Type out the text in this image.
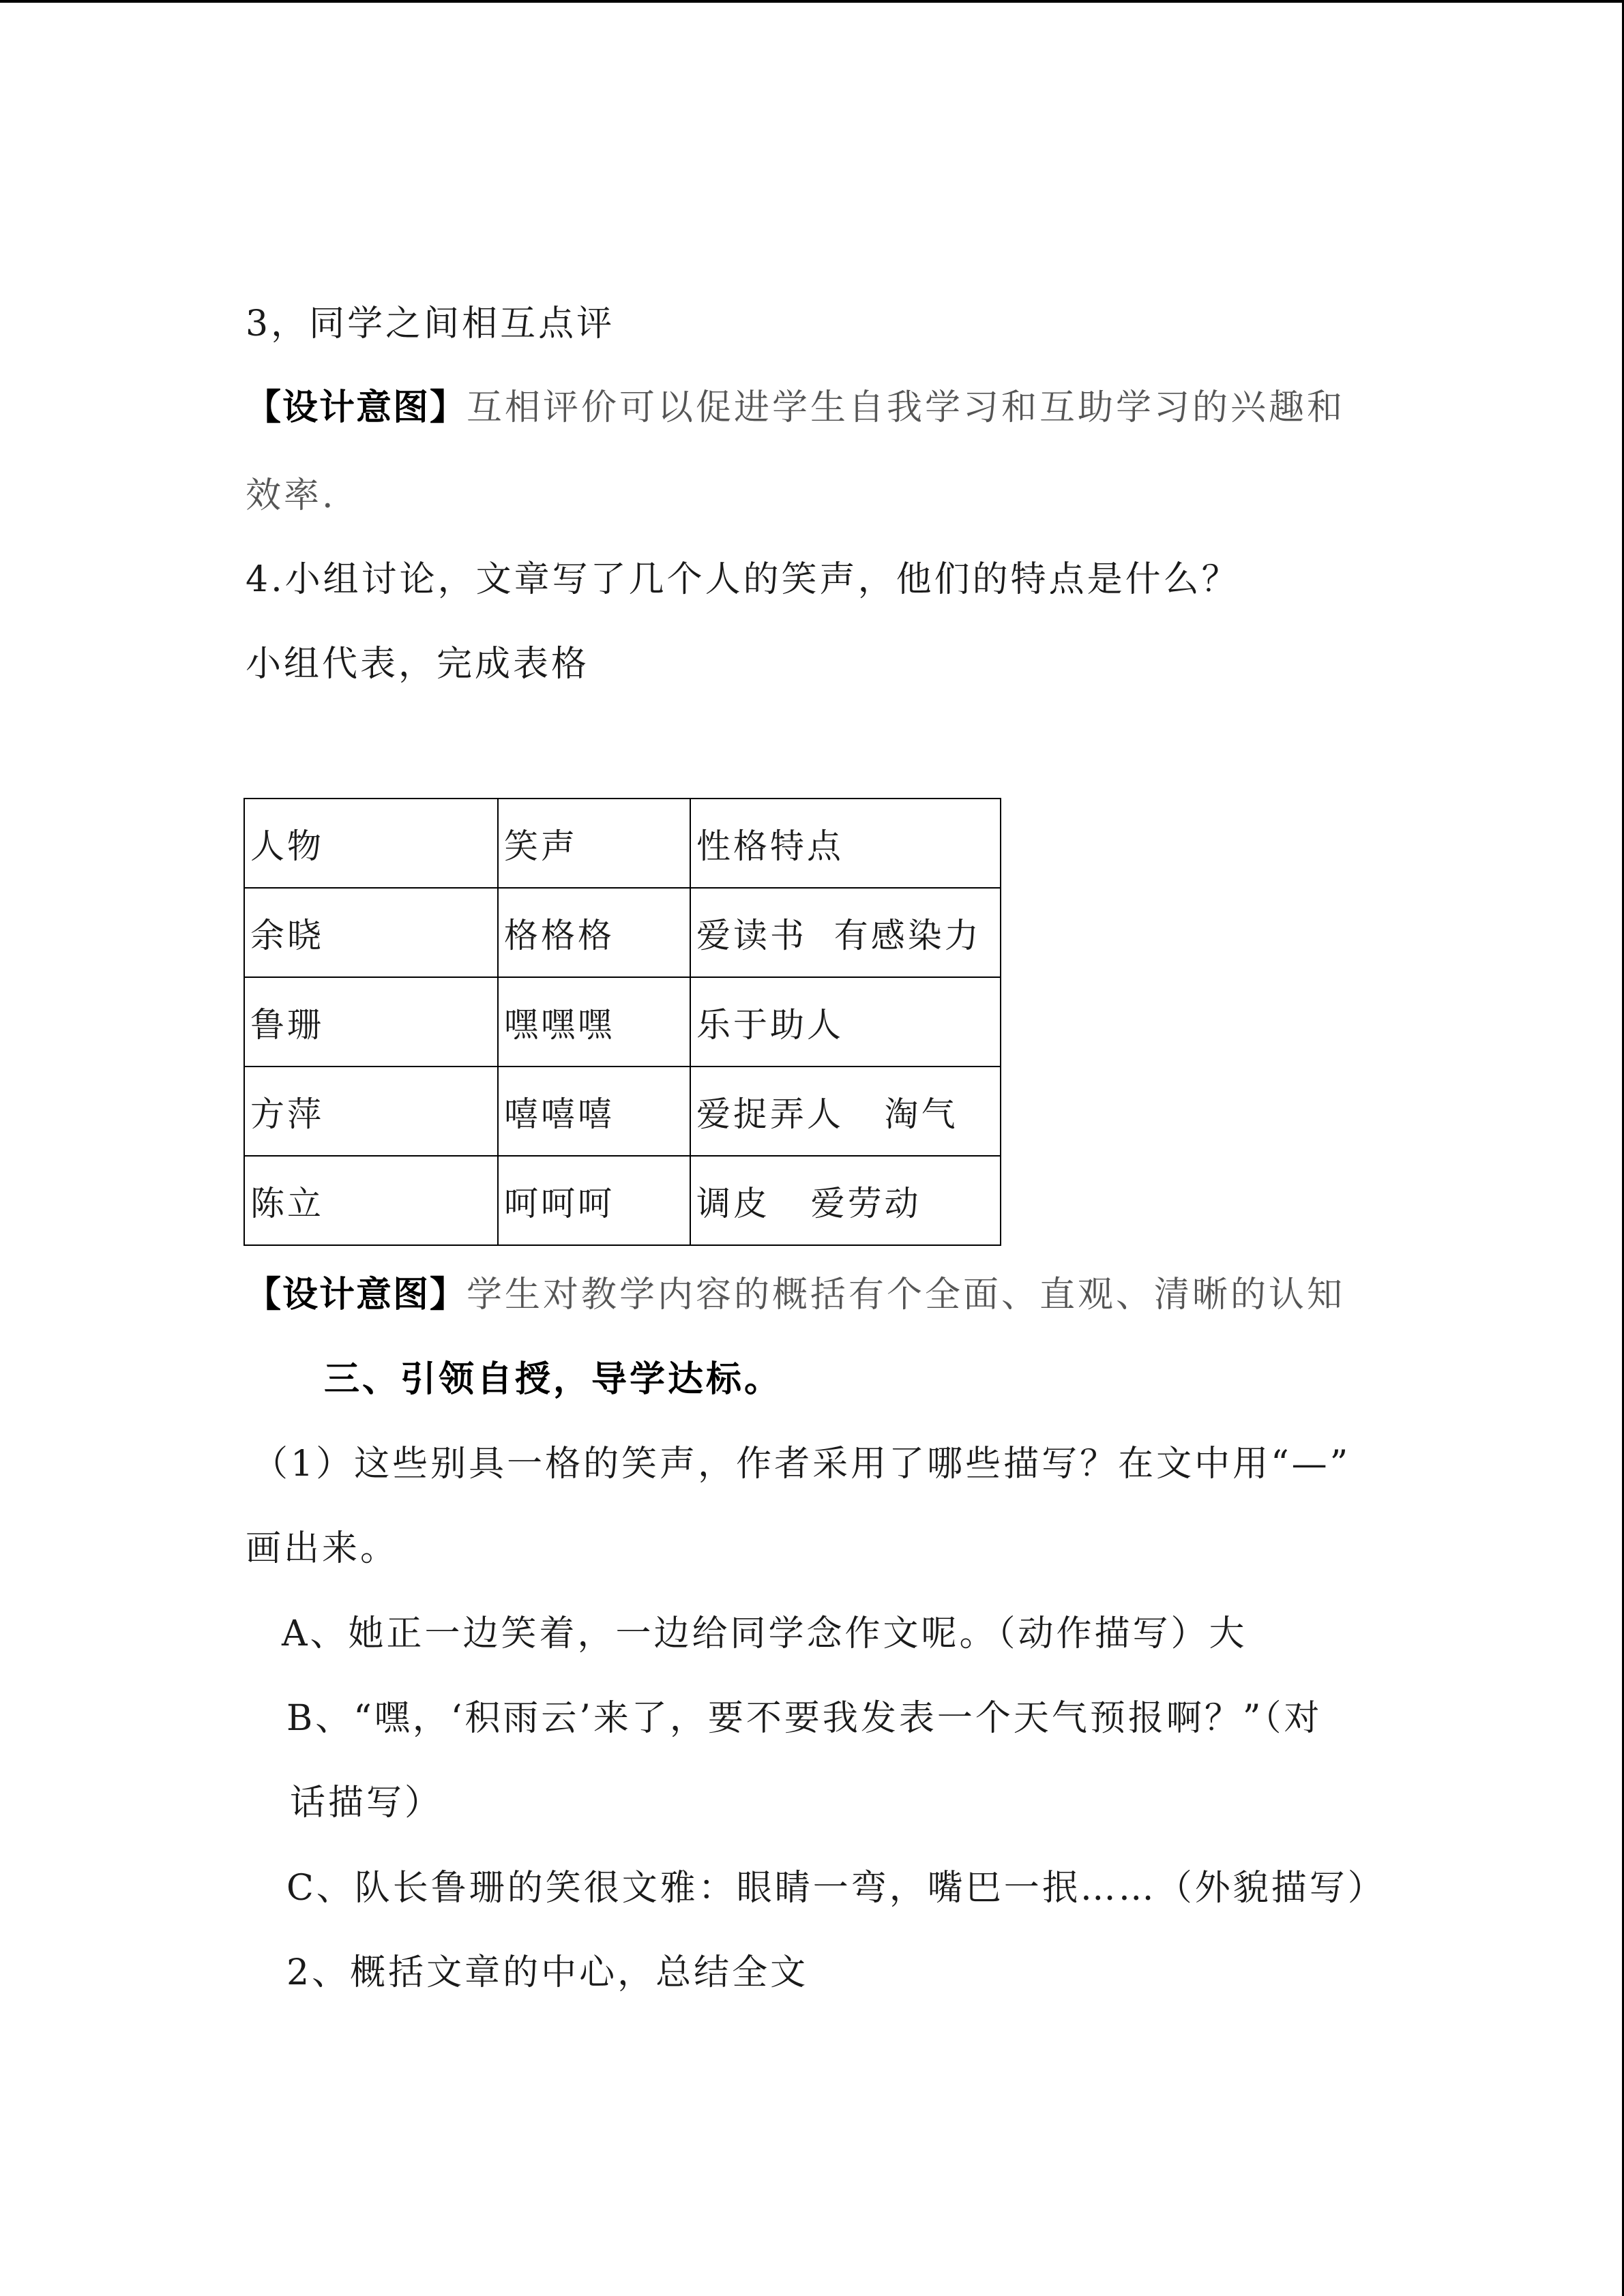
3，同学之间相互点评
【设计意图】互相评价可以促进学生自我学习和互助学习的兴趣和
效率.
4.小组讨论，文章写了几个人的笑声，他们的特点是什么？
小组代表，完成表格
人物	笑声	性格特点
余晓	格格格	爱读书  有感染力
鲁珊	嘿嘿嘿	乐于助人
方萍	嘻嘻嘻	爱捉弄人   淘气
陈立	呵呵呵	调皮   爱劳动
【设计意图】学生对教学内容的概括有个全面、直观、清晰的认知
三、引领自授，导学达标。
（1）这些别具一格的笑声，作者采用了哪些描写？在文中用“—”
画出来。
A、她正一边笑着，一边给同学念作文呢。（动作描写）大
B、“嘿，‘积雨云’来了，要不要我发表一个天气预报啊？”（对
话描写）
C、队长鲁珊的笑很文雅：眼睛一弯，嘴巴一抿……（外貌描写）
2、概括文章的中心，总结全文
